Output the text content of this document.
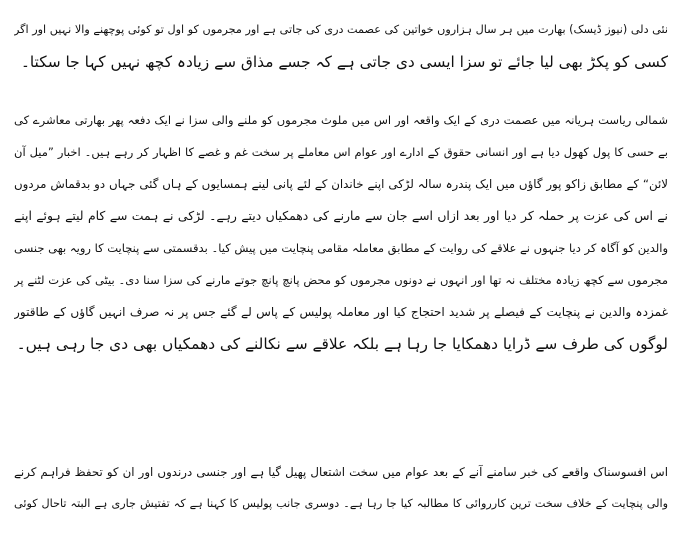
نئی دلی (نیوز ڈیسک) بھارت میں ہر سال ہزاروں خواتین کی عصمت دری کی جاتی ہے اور مجرموں کو اول تو کوئی پوچھنے والا نہیں اور اگر
کسی کو پکڑ بھی لیا جائے تو سزا ایسی دی جاتی ہے کہ جسے مذاق سے زیادہ کچھ نہیں کہا جا سکتا۔
شمالی ریاست ہریانہ میں عصمت دری کے ایک واقعہ اور اس میں ملوث مجرموں کو ملنے والی سزا نے ایک دفعہ پھر بھارتی معاشرے کی
بے حسی کا پول کھول دیا ہے اور انسانی حقوق کے ادارے اور عوام اس معاملے پر سخت غم و غصے کا اظہار کر رہے ہیں۔ اخبار ”میل آن
لائن“ کے مطابق زاکو پور گاؤں میں ایک پندرہ سالہ لڑکی اپنے خاندان کے لئے پانی لینے ہمسایوں کے ہاں گئی جہاں دو بدقماش مردوں
نے اس کی عزت پر حملہ کر دیا اور بعد ازاں اسے جان سے مارنے کی دھمکیاں دیتے رہے۔ لڑکی نے ہمت سے کام لیتے ہوئے اپنے
والدین کو آگاہ کر دیا جنہوں نے علاقے کی روایت کے مطابق معاملہ مقامی پنچایت میں پیش کیا۔ بدقسمتی سے پنچایت کا رویہ بھی جنسی
مجرموں سے کچھ زیادہ مختلف نہ تھا اور انہوں نے دونوں مجرموں کو محض پانچ پانچ جوتے مارنے کی سزا سنا دی۔ بیٹی کی عزت لٹنے پر
غمزدہ والدین نے پنچایت کے فیصلے پر شدید احتجاج کیا اور معاملہ پولیس کے پاس لے گئے جس پر نہ صرف انہیں گاؤں کے طاقتور
لوگوں کی طرف سے ڈرایا دھمکایا جا رہا ہے بلکہ علاقے سے نکالنے کی دھمکیاں بھی دی جا رہی ہیں۔
اس افسوسناک واقعے کی خبر سامنے آنے کے بعد عوام میں سخت اشتعال پھیل گیا ہے اور جنسی درندوں اور ان کو تحفظ فراہم کرنے
والی پنچایت کے خلاف سخت ترین کارروائی کا مطالبہ کیا جا رہا ہے۔ دوسری جانب پولیس کا کہنا ہے کہ تفتیش جاری ہے البتہ تاحال کوئی
